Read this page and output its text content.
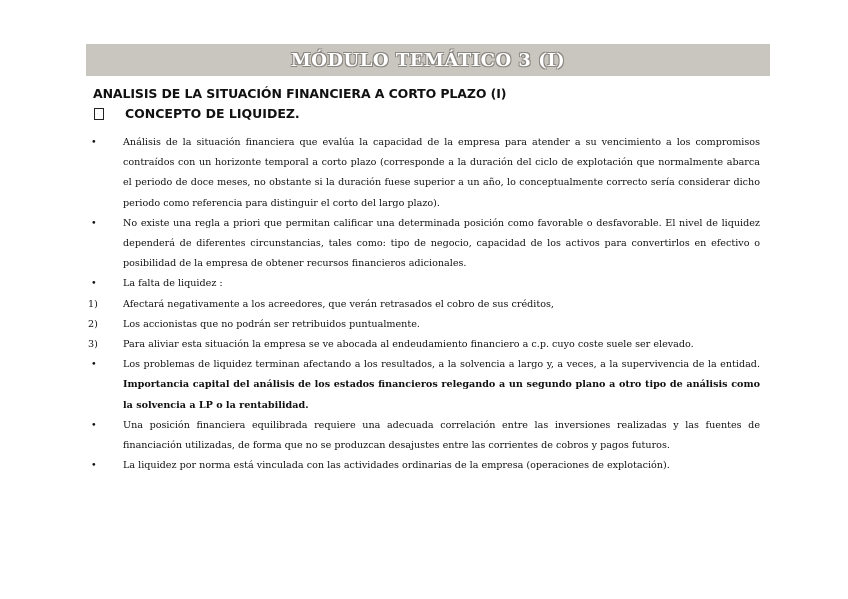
MÓDULO TEMÁTICO 3 (I)
ANALISIS DE LA SITUACIÓN FINANCIERA A CORTO PLAZO (I)
CONCEPTO DE LIQUIDEZ.
•	Análisis de la situación financiera que evalúa la capacidad de la empresa para atender a su vencimiento a los compromisos contraídos con un horizonte temporal a corto plazo (corresponde a la duración del ciclo de explotación que normalmente abarca el periodo de doce meses, no obstante si la duración fuese superior a un año, lo conceptualmente correcto sería considerar dicho periodo como referencia para distinguir el corto del largo plazo).
•	No existe una regla a priori que permitan calificar una determinada posición como favorable o desfavorable. El nivel de liquidez dependerá de diferentes circunstancias, tales como: tipo de negocio, capacidad de los activos para convertirlos en efectivo o posibilidad de la empresa de obtener recursos financieros adicionales.
•	La falta de liquidez :
1)	Afectará negativamente a los acreedores, que verán retrasados el cobro de sus créditos,
2)	Los accionistas que no podrán ser retribuidos puntualmente.
3)	Para aliviar esta situación la empresa se ve abocada al endeudamiento financiero a c.p. cuyo coste suele ser elevado.
•	Los problemas de liquidez terminan afectando a los resultados, a la solvencia a largo y, a veces, a la supervivencia de la entidad. Importancia capital del análisis de los estados financieros relegando a un segundo plano a otro tipo de análisis como la solvencia a LP o la rentabilidad.
•	Una posición financiera equilibrada requiere una adecuada correlación entre las inversiones realizadas y las fuentes de financiación utilizadas, de forma que no se produzcan desajustes entre las corrientes de cobros y pagos futuros.
•	La liquidez por norma está vinculada con las actividades ordinarias de la empresa (operaciones de explotación).
